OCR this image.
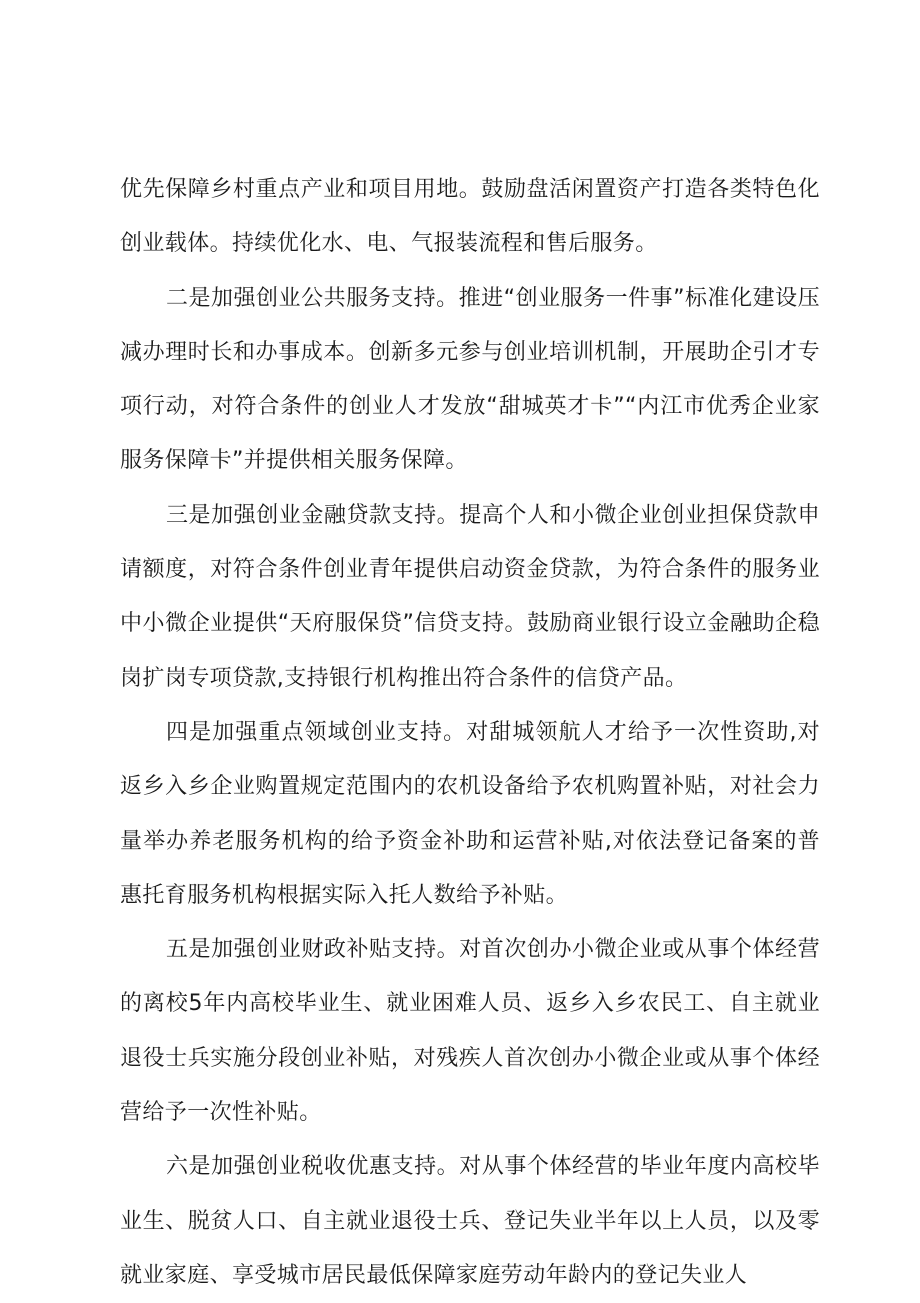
优先保障乡村重点产业和项目用地。鼓励盘活闲置资产打造各类特色化创业载体。持续优化水、电、气报装流程和售后服务。

二是加强创业公共服务支持。推进“创业服务一件事”标准化建设压减办理时长和办事成本。创新多元参与创业培训机制，开展助企引才专项行动，对符合条件的创业人才发放“甜城英才卡”“内江市优秀企业家服务保障卡”并提供相关服务保障。

三是加强创业金融贷款支持。提高个人和小微企业创业担保贷款申请额度，对符合条件创业青年提供启动资金贷款，为符合条件的服务业中小微企业提供“天府服保贷”信贷支持。鼓励商业银行设立金融助企稳岗扩岗专项贷款,支持银行机构推出符合条件的信贷产品。

四是加强重点领域创业支持。对甜城领航人才给予一次性资助,对返乡入乡企业购置规定范围内的农机设备给予农机购置补贴，对社会力量举办养老服务机构的给予资金补助和运营补贴,对依法登记备案的普惠托育服务机构根据实际入托人数给予补贴。

五是加强创业财政补贴支持。对首次创办小微企业或从事个体经营的离校5年内高校毕业生、就业困难人员、返乡入乡农民工、自主就业退役士兵实施分段创业补贴，对残疾人首次创办小微企业或从事个体经营给予一次性补贴。

六是加强创业税收优惠支持。对从事个体经营的毕业年度内高校毕业生、脱贫人口、自主就业退役士兵、登记失业半年以上人员，以及零就业家庭、享受城市居民最低保障家庭劳动年龄内的登记失业人
